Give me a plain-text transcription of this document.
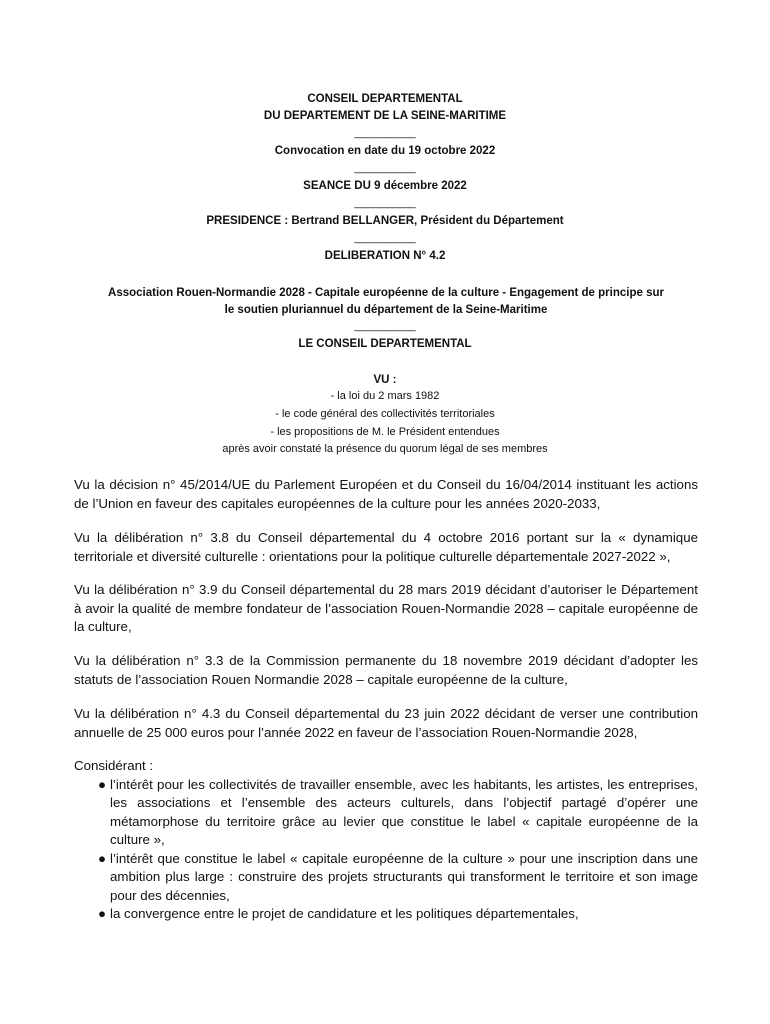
CONSEIL DEPARTEMENTAL
DU DEPARTEMENT DE LA SEINE-MARITIME
__________
Convocation en date du 19 octobre 2022
__________
SEANCE DU 9 décembre 2022
__________
PRESIDENCE : Bertrand BELLANGER, Président du Département
__________
DELIBERATION N° 4.2
Association Rouen-Normandie 2028 - Capitale européenne de la culture - Engagement de principe sur
le soutien pluriannuel du département de la Seine-Maritime
__________
LE CONSEIL DEPARTEMENTAL
VU :
- la loi du 2 mars 1982
- le code général des collectivités territoriales
- les propositions de M. le Président entendues
après avoir constaté la présence du quorum légal de ses membres
Vu la décision n° 45/2014/UE du Parlement Européen et du Conseil du 16/04/2014 instituant les actions de l’Union en faveur des capitales européennes de la culture pour les années 2020-2033,
Vu la délibération n° 3.8 du Conseil départemental du 4 octobre 2016 portant sur la « dynamique territoriale et diversité culturelle : orientations pour la politique culturelle départementale 2027-2022 »,
Vu la délibération n° 3.9 du Conseil départemental du 28 mars 2019 décidant d’autoriser le Département à avoir la qualité de membre fondateur de l’association Rouen-Normandie 2028 – capitale européenne de la culture,
Vu la délibération n° 3.3 de la Commission permanente du 18 novembre 2019 décidant d’adopter les statuts de l’association Rouen Normandie 2028 – capitale européenne de la culture,
Vu la délibération n° 4.3 du Conseil départemental du 23 juin 2022 décidant de verser une contribution annuelle de 25 000 euros pour l’année 2022 en faveur de l’association Rouen-Normandie 2028,
Considérant :
● l’intérêt pour les collectivités de travailler ensemble, avec les habitants, les artistes, les entreprises, les associations et l’ensemble des acteurs culturels, dans l’objectif partagé d’opérer une métamorphose du territoire grâce au levier que constitue le label « capitale européenne de la culture »,
● l’intérêt que constitue le label « capitale européenne de la culture » pour une inscription dans une ambition plus large : construire des projets structurants qui transforment le territoire et son image pour des décennies,
● la convergence entre le projet de candidature et les politiques départementales,
